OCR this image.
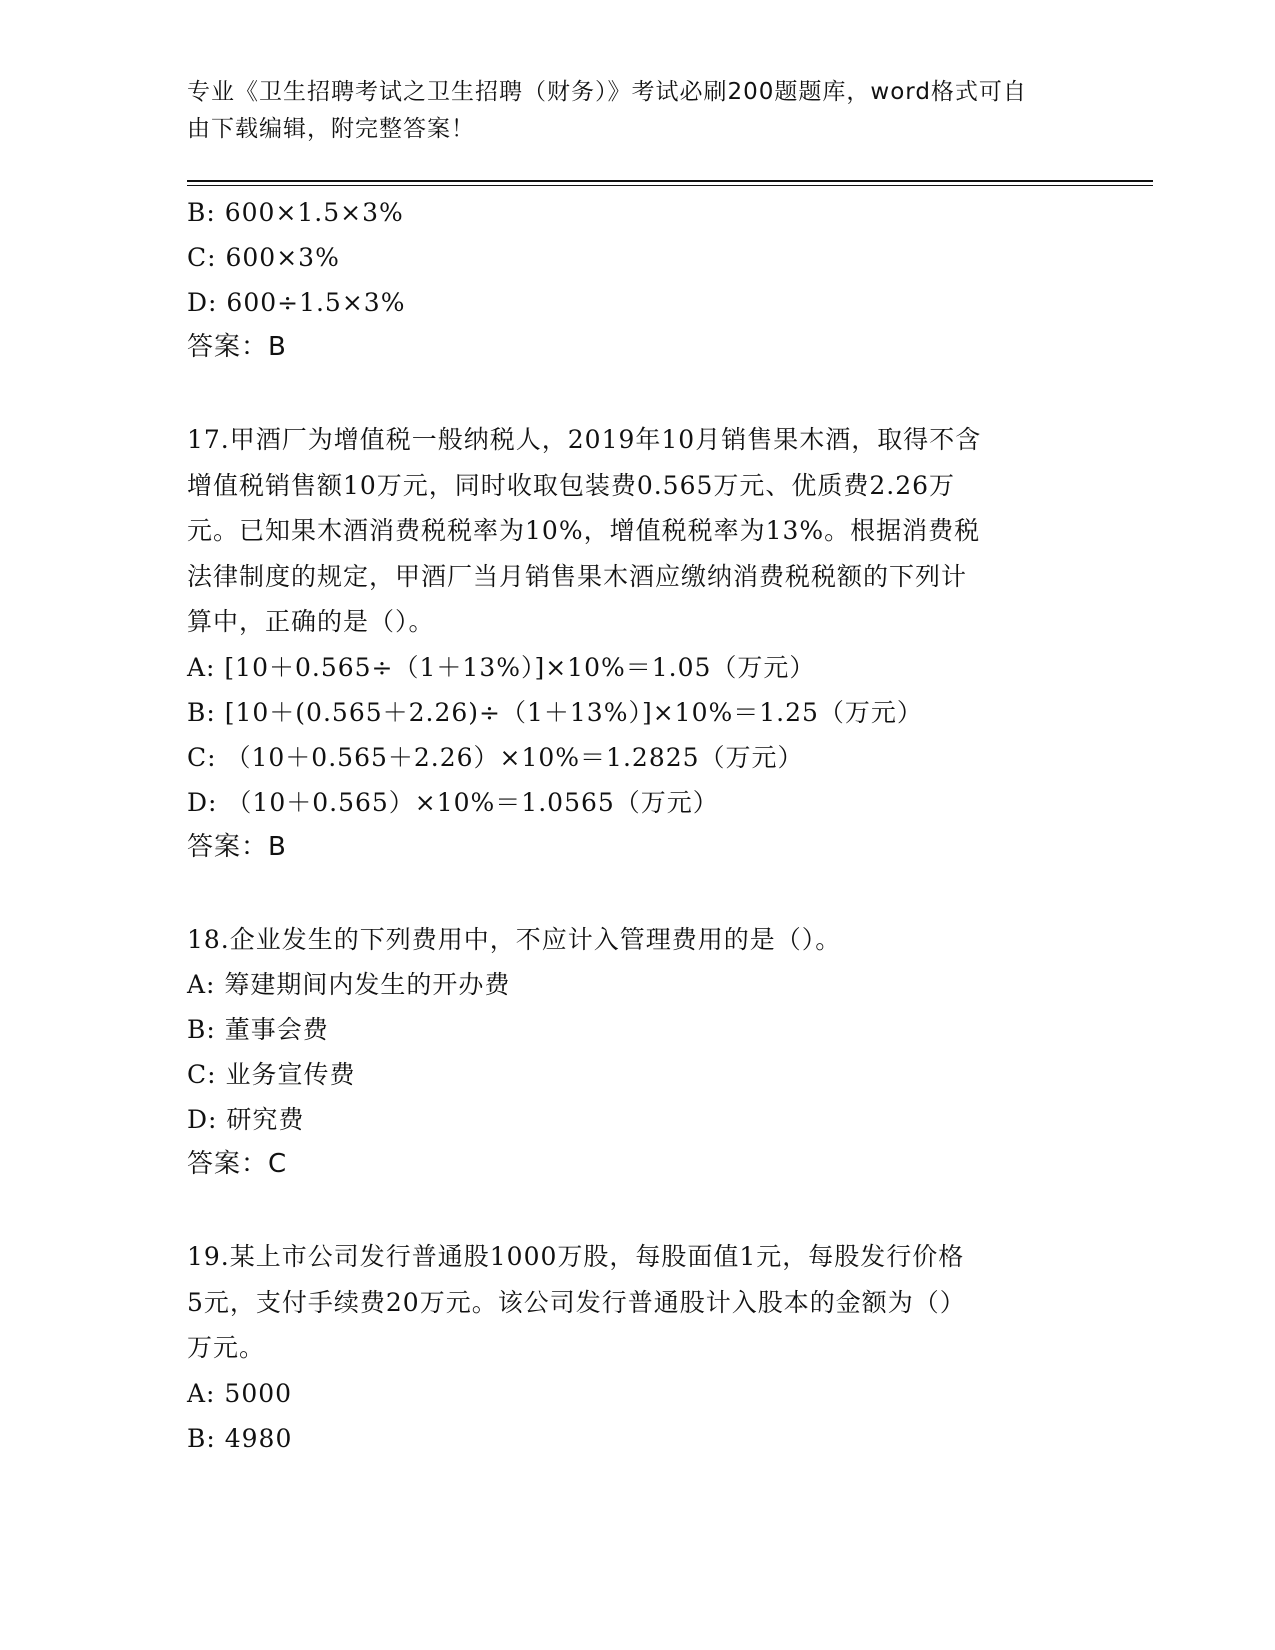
专业《卫生招聘考试之卫生招聘（财务）》考试必刷200题题库，word格式可自
由下载编辑，附完整答案！
B: 600×1.5×3%
C: 600×3%
D: 600÷1.5×3%
答案：B
17.甲酒厂为增值税一般纳税人，2019年10月销售果木酒，取得不含
增值税销售额10万元，同时收取包装费0.565万元、优质费2.26万
元。已知果木酒消费税税率为10%，增值税税率为13%。根据消费税
法律制度的规定，甲酒厂当月销售果木酒应缴纳消费税税额的下列计
算中，正确的是（）。
A: [10＋0.565÷（1＋13%）]×10%＝1.05（万元）
B: [10＋(0.565＋2.26)÷（1＋13%）]×10%＝1.25（万元）
C: （10＋0.565＋2.26）×10%＝1.2825（万元）
D: （10＋0.565）×10%＝1.0565（万元）
答案：B
18.企业发生的下列费用中，不应计入管理费用的是（）。
A: 筹建期间内发生的开办费
B: 董事会费
C: 业务宣传费
D: 研究费
答案：C
19.某上市公司发行普通股1000万股，每股面值1元，每股发行价格
5元，支付手续费20万元。该公司发行普通股计入股本的金额为（）
万元。
A: 5000
B: 4980
